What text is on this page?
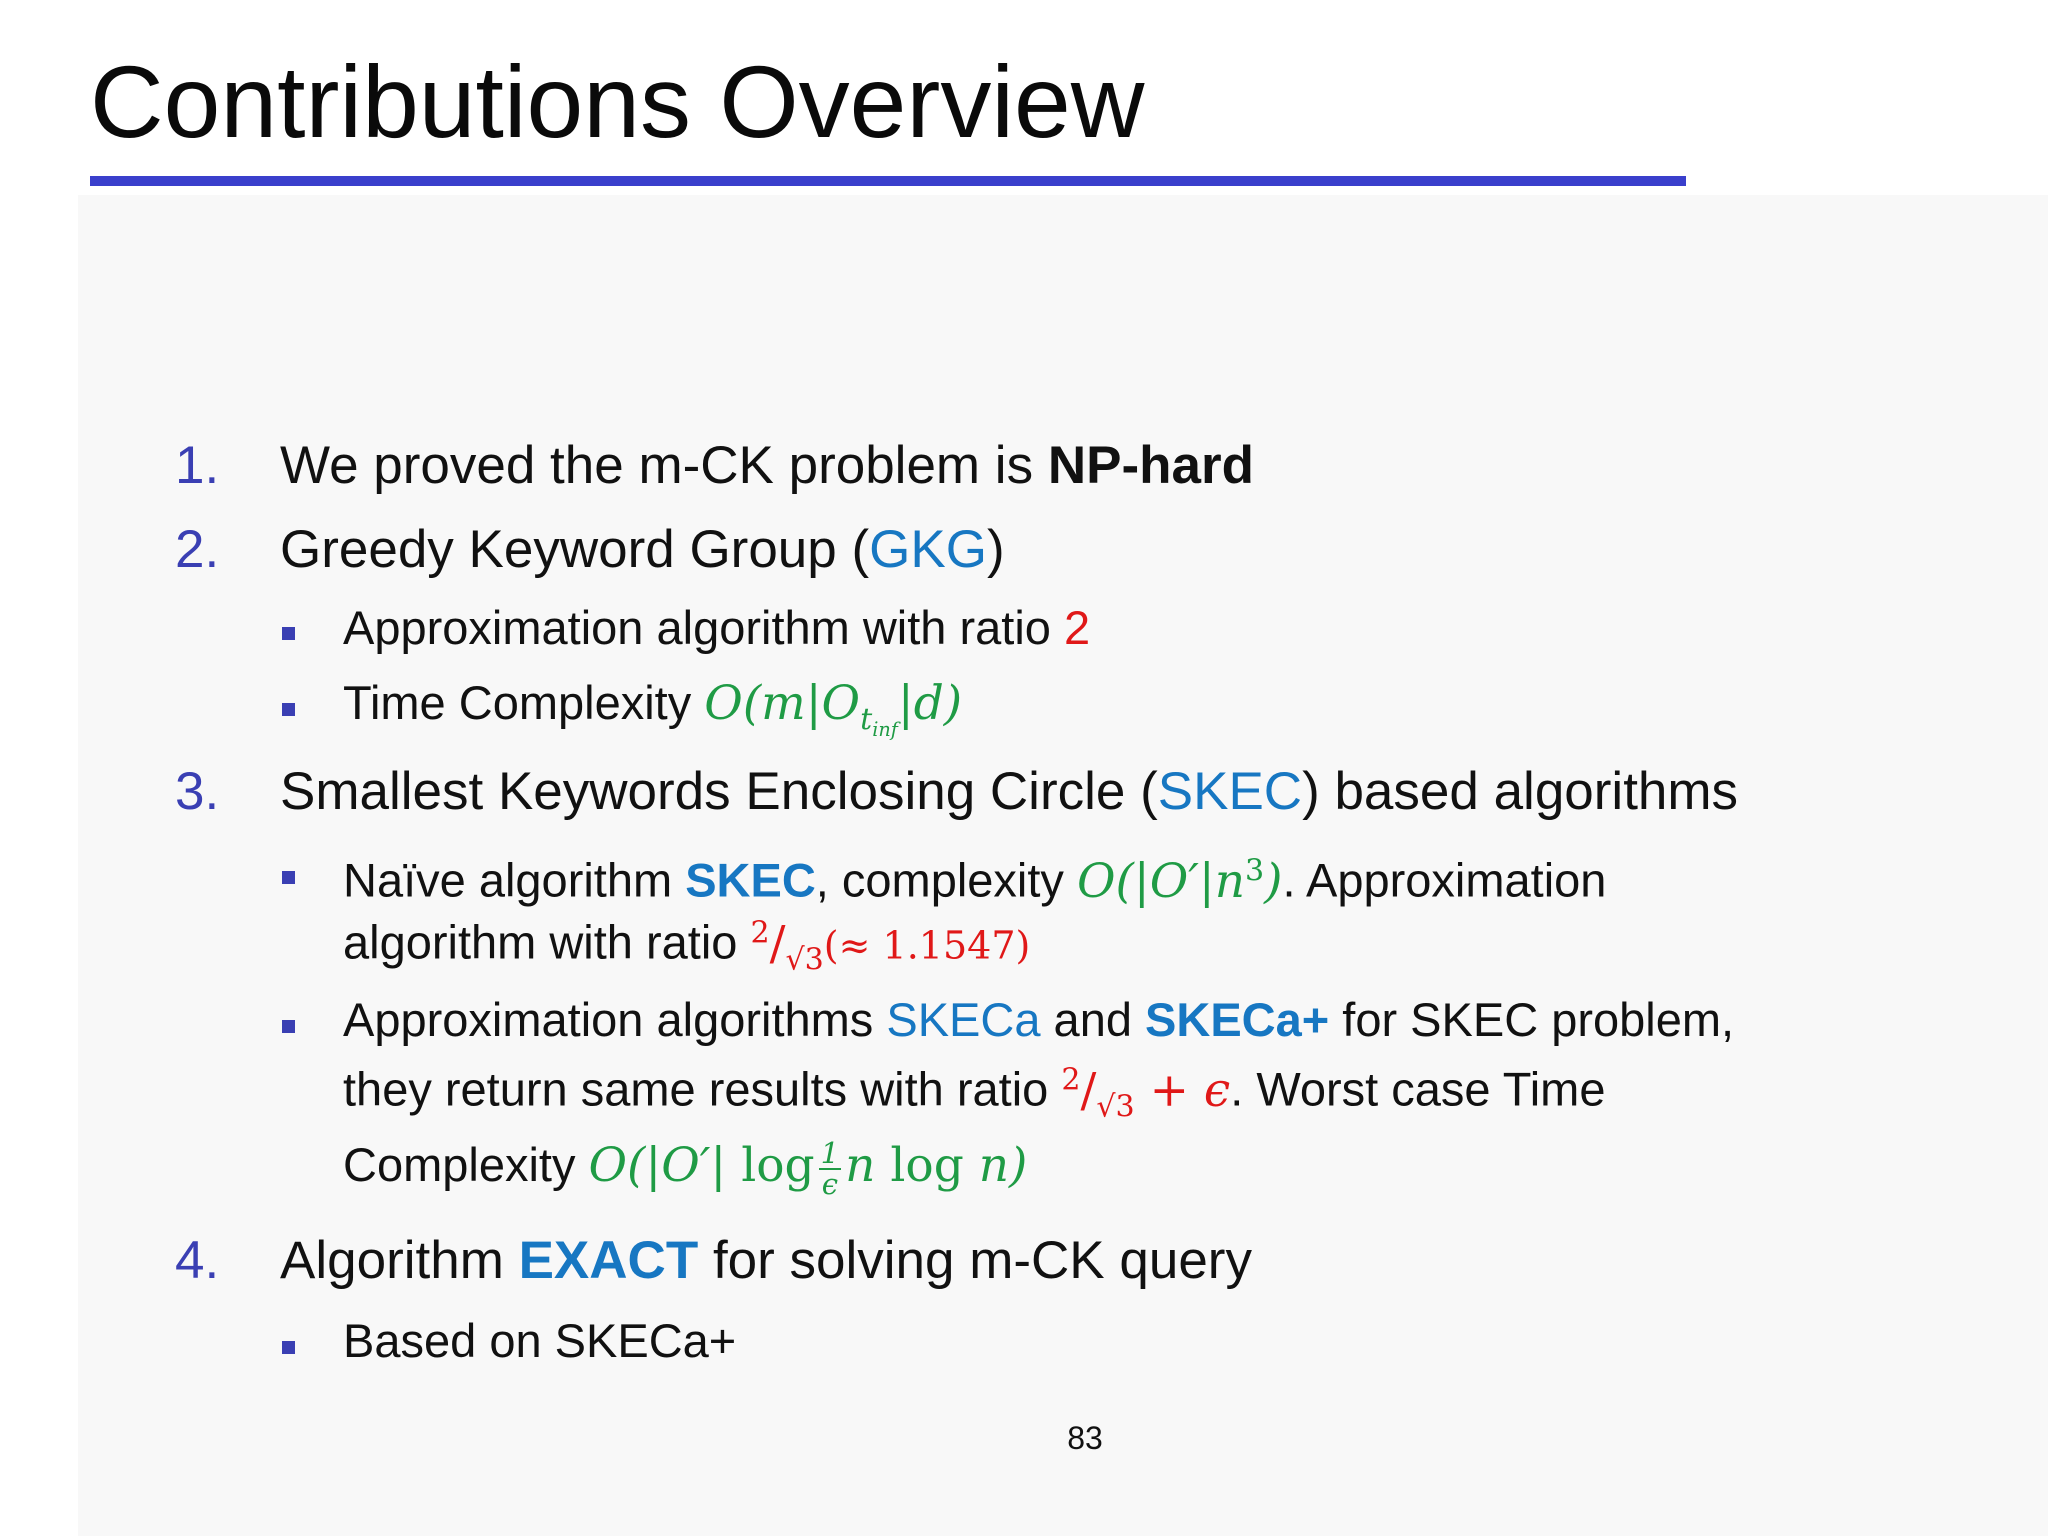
Contributions Overview
1. We proved the m-CK problem is NP-hard
2. Greedy Keyword Group (GKG)
Approximation algorithm with ratio 2
Time Complexity $O(m|O_{t_{inf}}|d)$
3. Smallest Keywords Enclosing Circle (SKEC) based algorithms
Naïve algorithm SKEC, complexity $O(|O'|n^3)$. Approximation
algorithm with ratio $^2/_{√3}(\approx 1.1547)$
Approximation algorithms SKECa and SKECa+ for SKEC problem,
they return same results with ratio $^2/_{√3} + \epsilon$. Worst case Time
Complexity O(|O′| $\log \frac{1}{\epsilon}$ n log n)
4. Algorithm EXACT for solving m-CK query
Based on SKECa+
83
